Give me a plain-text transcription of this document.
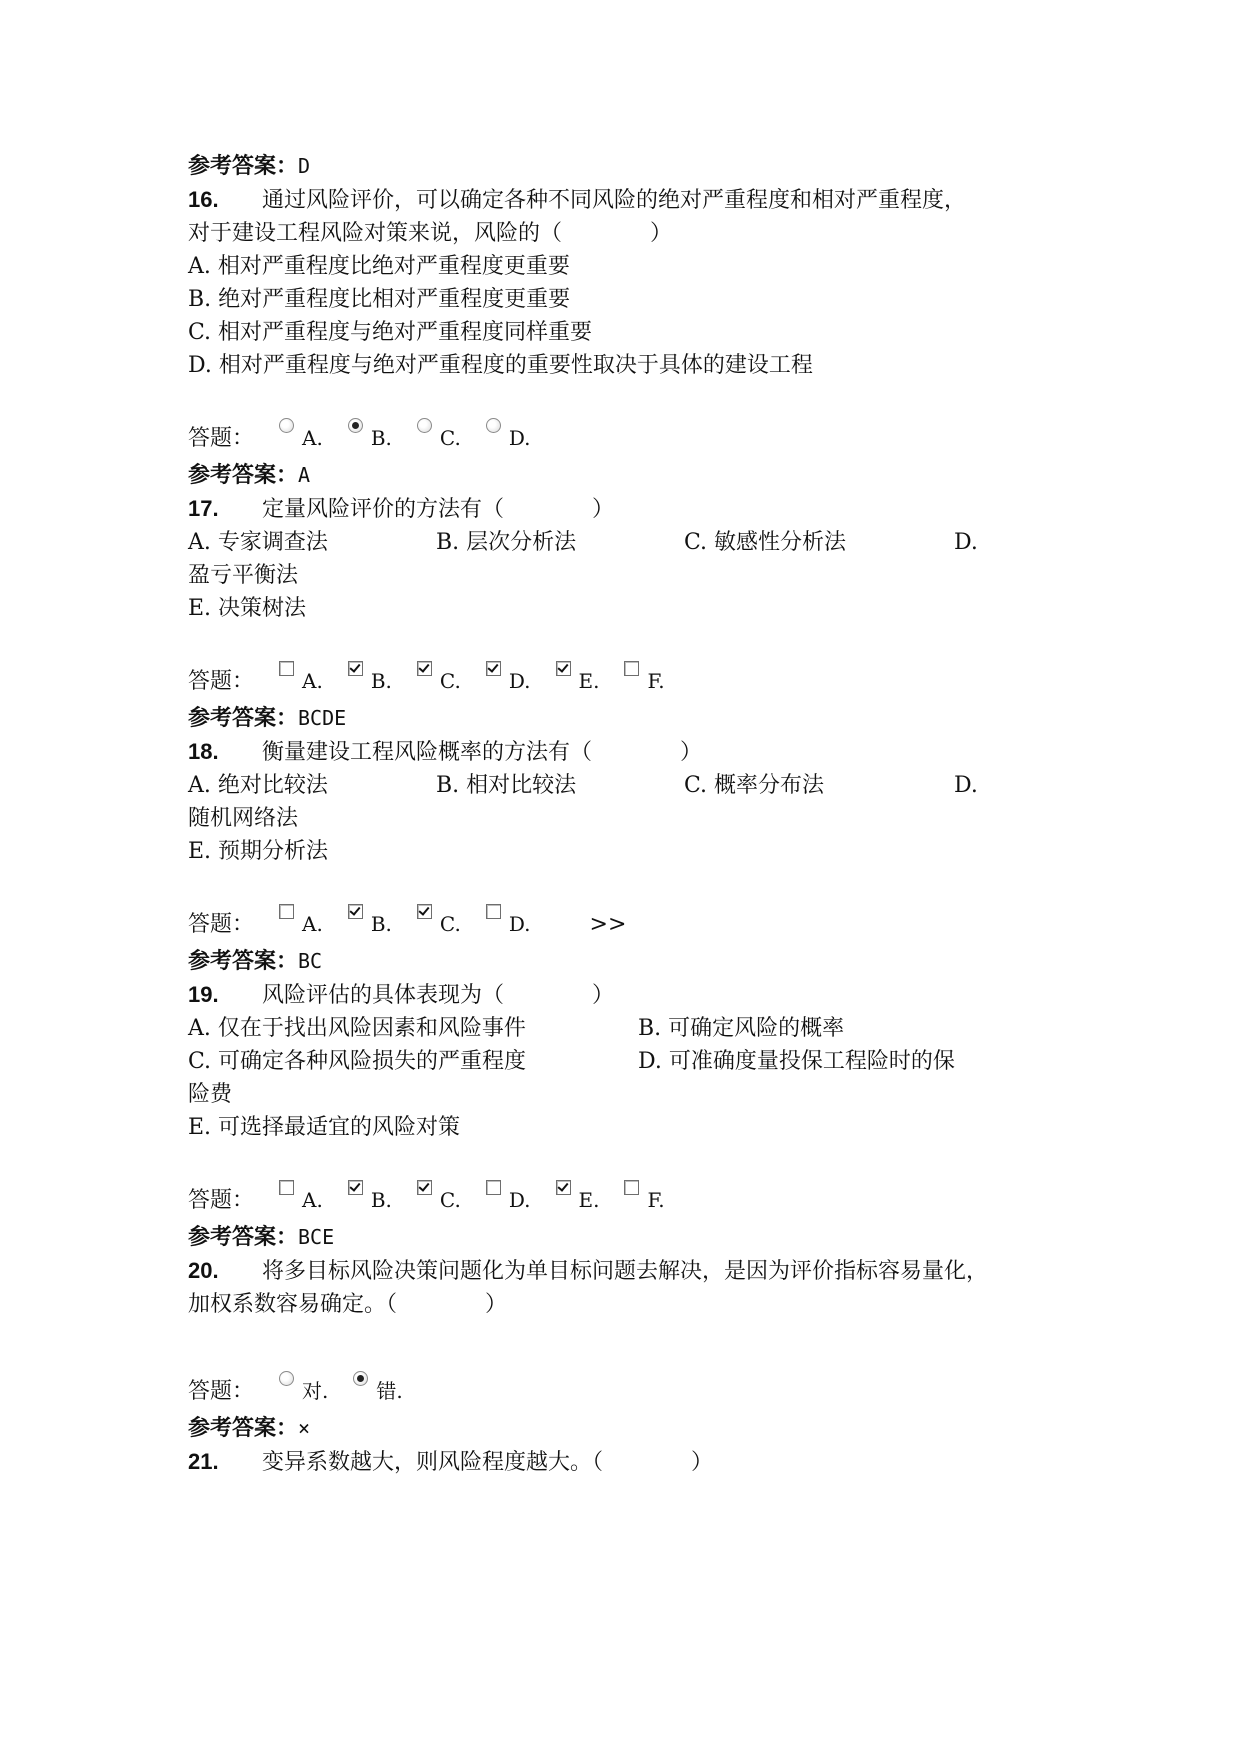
参考答案：D
16. 通过风险评价，可以确定各种不同风险的绝对严重程度和相对严重程度，
对于建设工程风险对策来说，风险的（　　　　）
A. 相对严重程度比绝对严重程度更重要
B. 绝对严重程度比相对严重程度更重要
C. 相对严重程度与绝对严重程度同样重要
D. 相对严重程度与绝对严重程度的重要性取决于具体的建设工程
答题： A. B. C. D.
参考答案：A
17. 定量风险评价的方法有（　　　　）
A. 专家调查法	B. 层次分析法	C. 敏感性分析法	D.
盈亏平衡法
E. 决策树法
答题： A. B. C. D. E. F.
参考答案：BCDE
18. 衡量建设工程风险概率的方法有（　　　　）
A. 绝对比较法	B. 相对比较法	C. 概率分布法	D.
随机网络法
E. 预期分析法
答题： A. B. C. D.	>>
参考答案：BC
19. 风险评估的具体表现为（　　　　）
A. 仅在于找出风险因素和风险事件	B. 可确定风险的概率
C. 可确定各种风险损失的严重程度	D. 可准确度量投保工程险时的保
险费
E. 可选择最适宜的风险对策
答题： A. B. C. D. E. F.
参考答案：BCE
20. 将多目标风险决策问题化为单目标问题去解决，是因为评价指标容易量化，
加权系数容易确定。（　　　　）
答题： 对. 错.
参考答案：×
21. 变异系数越大，则风险程度越大。（　　　　）
